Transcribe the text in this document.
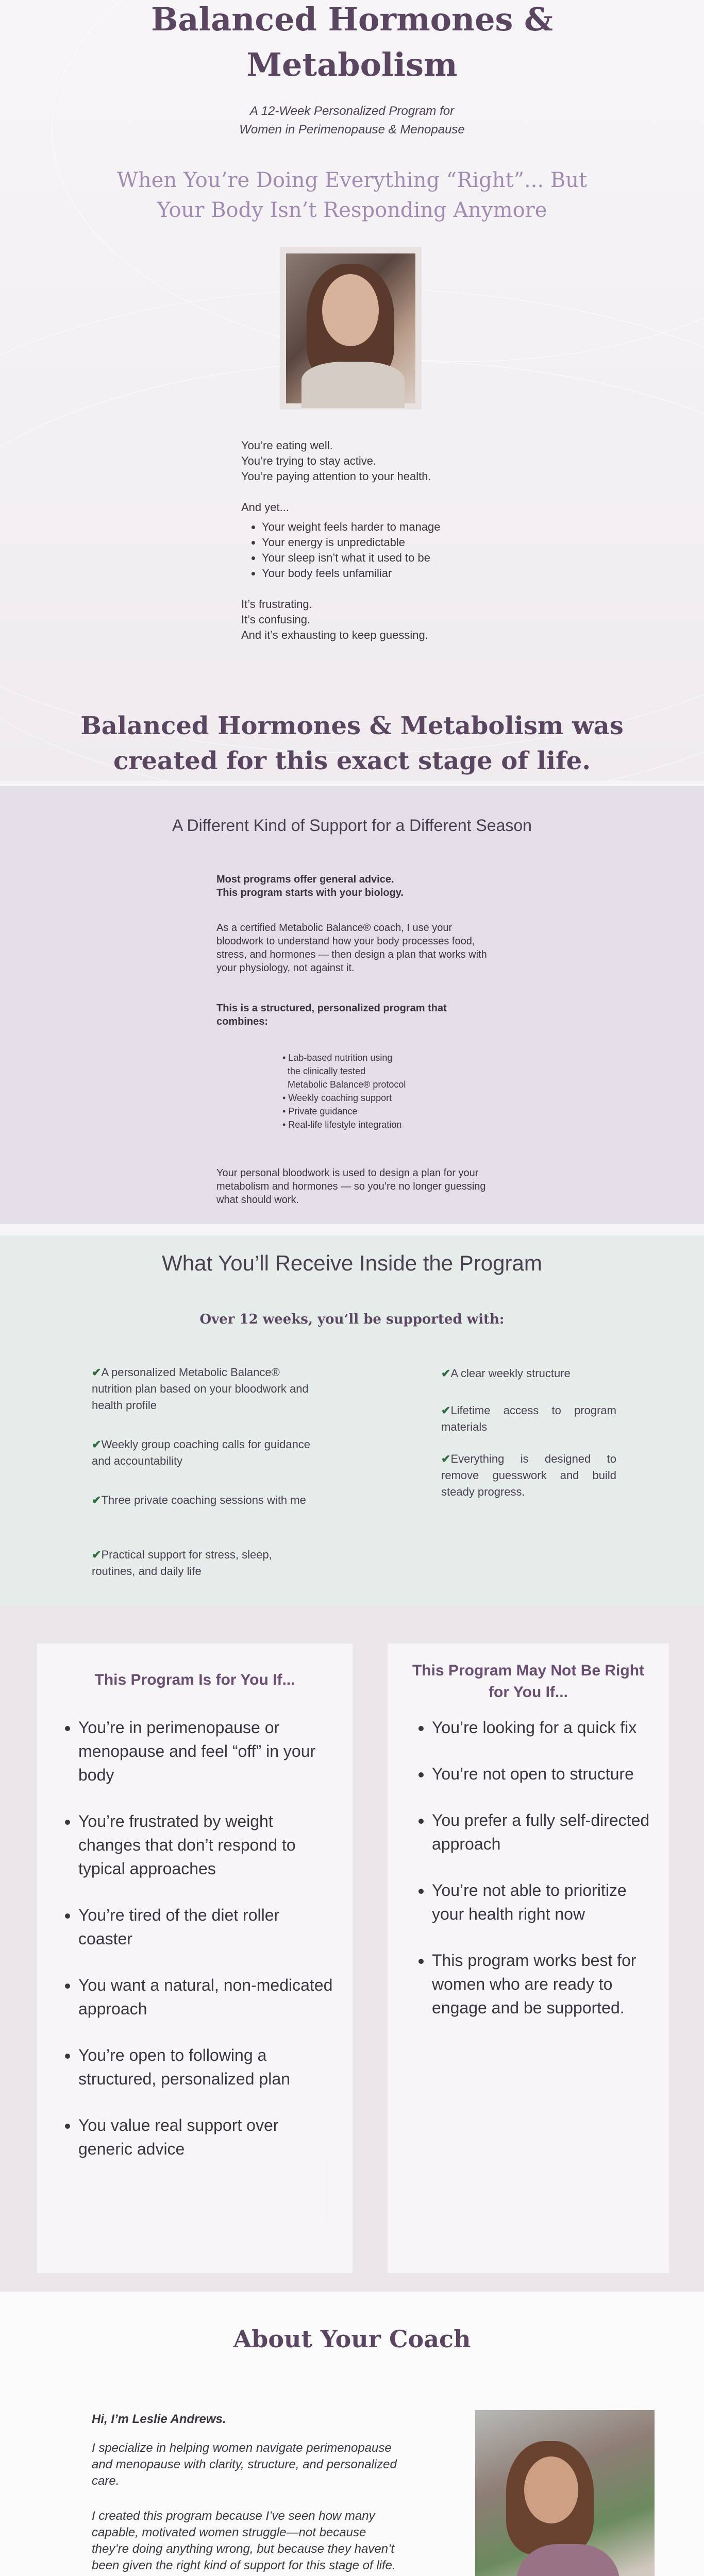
Balanced Hormones &
Metabolism
A 12-Week Personalized Program for
Women in Perimenopause & Menopause
When You’re Doing Everything “Right”... But
Your Body Isn’t Responding Anymore
You’re eating well.
You’re trying to stay active.
You’re paying attention to your health.
And yet...
• Your weight feels harder to manage
• Your energy is unpredictable
• Your sleep isn’t what it used to be
• Your body feels unfamiliar
It’s frustrating.
It’s confusing.
And it’s exhausting to keep guessing.
Balanced Hormones & Metabolism was
created for this exact stage of life.
A Different Kind of Support for a Different Season
Most programs offer general advice.
This program starts with your biology.
As a certified Metabolic Balance® coach, I use your bloodwork to understand how your body processes food, stress, and hormones — then design a plan that works with your physiology, not against it.
This is a structured, personalized program that combines:
• Lab-based nutrition using
the clinically tested
Metabolic Balance® protocol
• Weekly coaching support
• Private guidance
• Real-life lifestyle integration
Your personal bloodwork is used to design a plan for your metabolism and hormones — so you’re no longer guessing what should work.
What You’ll Receive Inside the Program
Over 12 weeks, you’ll be supported with:
✔A personalized Metabolic Balance® nutrition plan based on your bloodwork and health profile
✔Weekly group coaching calls for guidance and accountability
✔Three private coaching sessions with me
✔Practical support for stress, sleep, routines, and daily life
✔A clear weekly structure
✔Lifetime access to program materials
✔Everything is designed to remove guesswork and build steady progress.
This Program Is for You If...
• You’re in perimenopause or menopause and feel “off” in your body
• You’re frustrated by weight changes that don’t respond to typical approaches
• You’re tired of the diet roller coaster
• You want a natural, non-medicated approach
• You’re open to following a structured, personalized plan
• You value real support over generic advice
This Program May Not Be Right
for You If...
• You’re looking for a quick fix
• You’re not open to structure
• You prefer a fully self-directed approach
• You’re not able to prioritize your health right now
• This program works best for women who are ready to engage and be supported.
About Your Coach
Hi, I’m Leslie Andrews.
I specialize in helping women navigate perimenopause and menopause with clarity, structure, and personalized care.
I created this program because I’ve seen how many capable, motivated women struggle—not because they’re doing anything wrong, but because they haven’t been given the right kind of support for this stage of life.
